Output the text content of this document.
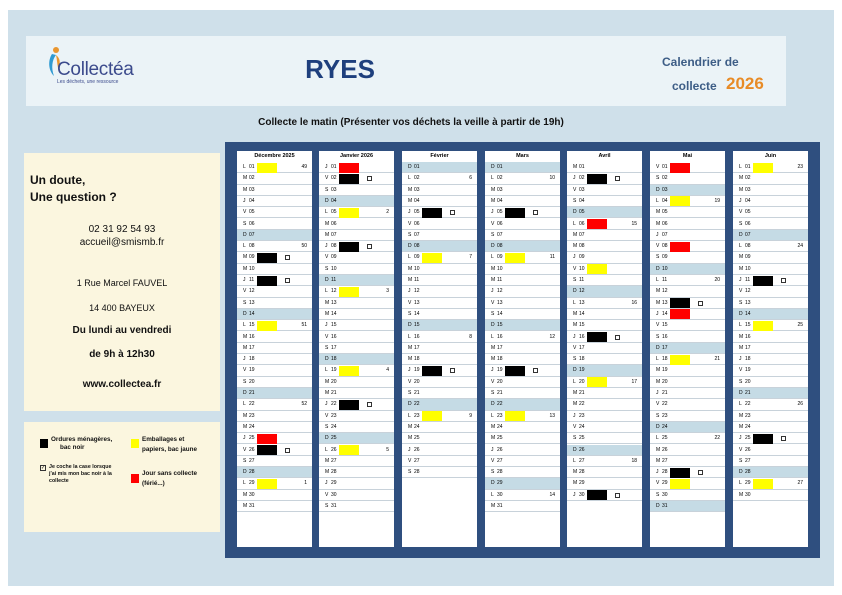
Collectéa
Les déchets, une ressource	RYES	Calendrier de
collecte 2026
Collecte le matin (Présenter vos déchets la veille à partir de 19h)
Un doute,
Une question ?
02 31 92 54 93
accueil@smismb.fr
1 Rue Marcel FAUVEL
14 400 BAYEUX
Du lundi au vendredi
de 9h à 12h30
www.collectea.fr
Ordures ménagères,
bac noir
Emballages et
papiers, bac jaune
✓ Je coche la case lorsque
j'ai mis mon bac noir à la
collecte
Jour sans collecte
(férié...)
Décembre 2025
L 01	49
M 02
M 03
J 04
V 05
S 06
D 07
L 08	50
M 09
M 10
J 11
V 12
S 13
D 14
L 15	51
M 16
M 17
J 18
V 19
S 20
D 21
L 22	52
M 23
M 24
J 25
V 26
S 27
D 28
L 29	1
M 30
M 31
Janvier 2026
J 01
V 02
S 03
D 04
L 05	2
M 06
M 07
J 08
V 09
S 10
D 11
L 12	3
M 13
M 14
J 15
V 16
S 17
D 18
L 19	4
M 20
M 21
J 22
V 23
S 24
D 25
L 26	5
M 27
M 28
J 29
V 30
S 31
Février
D 01
L 02	6
M 03
M 04
J 05
V 06
S 07
D 08
L 09	7
M 10
M 11
J 12
V 13
S 14
D 15
L 16	8
M 17
M 18
J 19
V 20
S 21
D 22
L 23	9
M 24
M 25
J 26
V 27
S 28
Mars
D 01
L 02	10
M 03
M 04
J 05
V 06
S 07
D 08
L 09	11
M 10
M 11
J 12
V 13
S 14
D 15
L 16	12
M 17
M 18
J 19
V 20
S 21
D 22
L 23	13
M 24
M 25
J 26
V 27
S 28
D 29
L 30	14
M 31
Avril
M 01
J 02
V 03
S 04
D 05
L 06	15
M 07
M 08
J 09
V 10
S 11
D 12
L 13	16
M 14
M 15
J 16
V 17
S 18
D 19
L 20	17
M 21
M 22
J 23
V 24
S 25
D 26
L 27	18
M 28
M 29
J 30
Mai
V 01
S 02
D 03
L 04	19
M 05
M 06
J 07
V 08
S 09
D 10
L 11	20
M 12
M 13
J 14
V 15
S 16
D 17
L 18	21
M 19
M 20
J 21
V 22
S 23
D 24
L 25	22
M 26
M 27
J 28
V 29
S 30
D 31
Juin
L 01	23
M 02
M 03
J 04
V 05
S 06
D 07
L 08	24
M 09
M 10
J 11
V 12
S 13
D 14
L 15	25
M 16
M 17
J 18
V 19
S 20
D 21
L 22	26
M 23
M 24
J 25
V 26
S 27
D 28
L 29	27
M 30
